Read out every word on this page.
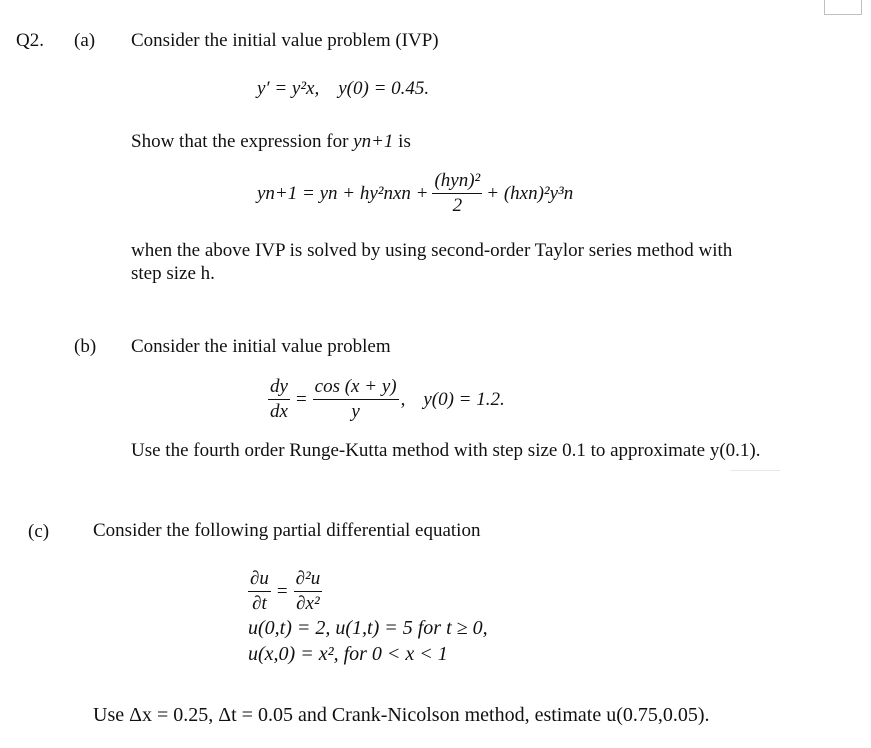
Q2. (a) Consider the initial value problem (IVP)
y′ = y²x, y(0) = 0.45.
Show that the expression for yn+1 is
yn+1 = yn + $hy^2nxn + \frac{\text{(hyn)²}}{2} + (hxn)^2y^3n$
when the above IVP is solved by using second-order Taylor series method with
step size h.
(b) Consider the initial value problem
$\frac{dy}{dx} = \frac{\cos (x + y)}{y}$ , y(0) = 1.2.
Use the fourth order Runge-Kutta method with step size 0.1 to approximate y(0.1).
(c) Consider the following partial differential equation
$\frac{\partial u}{\partial t} = \frac{\text{∂²u}}{\text{∂x²}}$
u(0,t) = 2, u(1,t) = 5 for t ≥ 0,
u(x,0) = x², for 0 < x < 1
Use Δx = 0.25, Δt = 0.05 and Crank-Nicolson method, estimate u(0.75,0.05).
